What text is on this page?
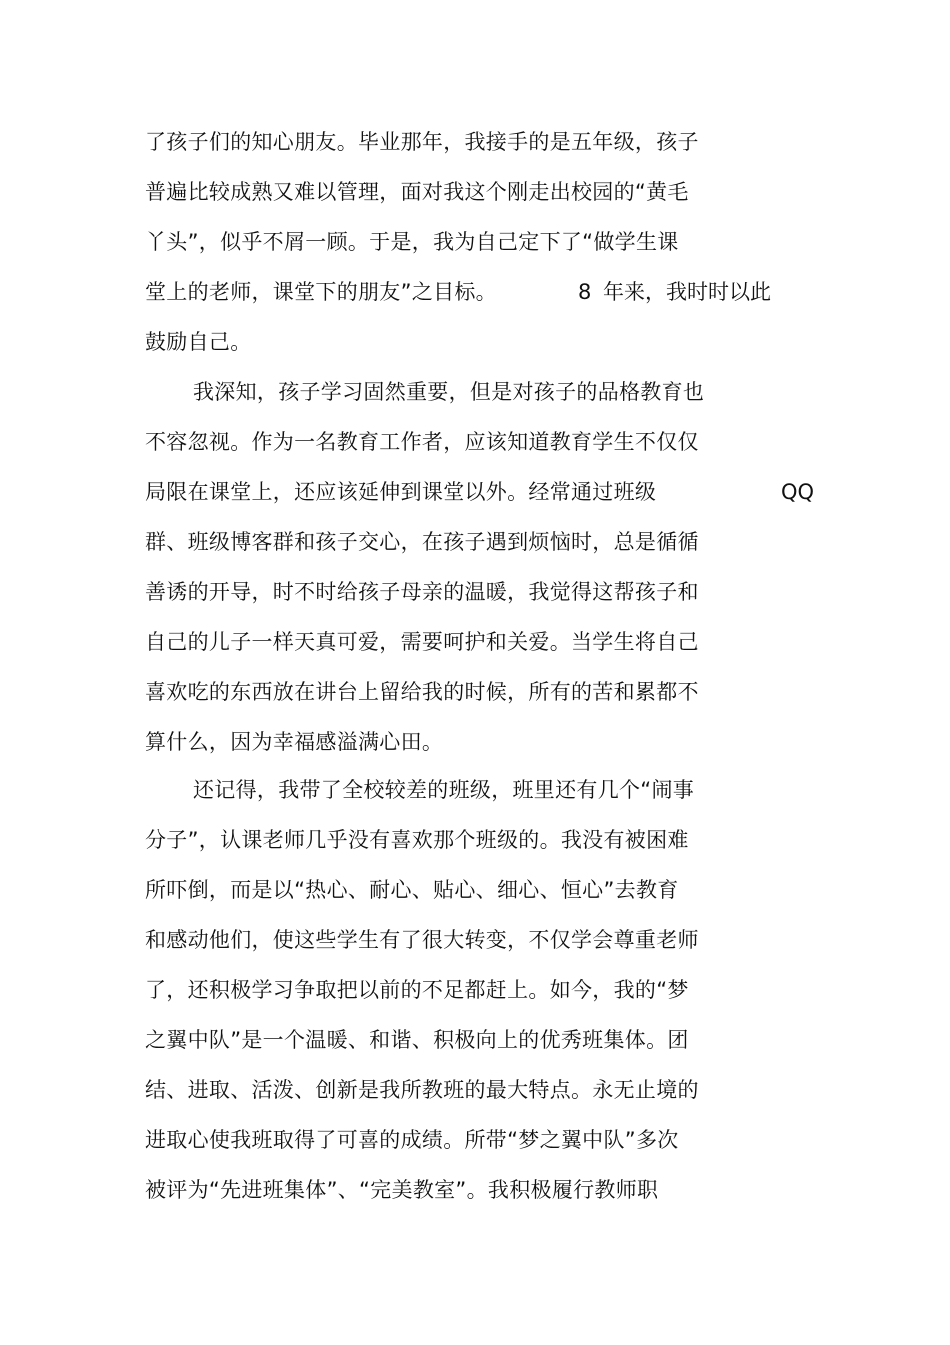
了孩子们的知心朋友。毕业那年，我接手的是五年级，孩子
普遍比较成熟又难以管理，面对我这个刚走出校园的“黄毛
丫头”，似乎不屑一顾。于是，我为自己定下了“做学生课
堂上的老师，课堂下的朋友”之目标。	8 年来，我时时以此
鼓励自己。
我深知，孩子学习固然重要，但是对孩子的品格教育也
不容忽视。作为一名教育工作者，应该知道教育学生不仅仅
局限在课堂上，还应该延伸到课堂以外。经常通过班级	QQ
群、班级博客群和孩子交心，在孩子遇到烦恼时，总是循循
善诱的开导，时不时给孩子母亲的温暖，我觉得这帮孩子和
自己的儿子一样天真可爱，需要呵护和关爱。当学生将自己
喜欢吃的东西放在讲台上留给我的时候，所有的苦和累都不
算什么，因为幸福感溢满心田。
还记得，我带了全校较差的班级，班里还有几个“闹事
分子”，认课老师几乎没有喜欢那个班级的。我没有被困难
所吓倒，而是以“热心、耐心、贴心、细心、恒心”去教育
和感动他们，使这些学生有了很大转变，不仅学会尊重老师
了，还积极学习争取把以前的不足都赶上。如今，我的“梦
之翼中队”是一个温暖、和谐、积极向上的优秀班集体。团
结、进取、活泼、创新是我所教班的最大特点。永无止境的
进取心使我班取得了可喜的成绩。所带“梦之翼中队”多次
被评为“先进班集体”、“完美教室”。我积极履行教师职
